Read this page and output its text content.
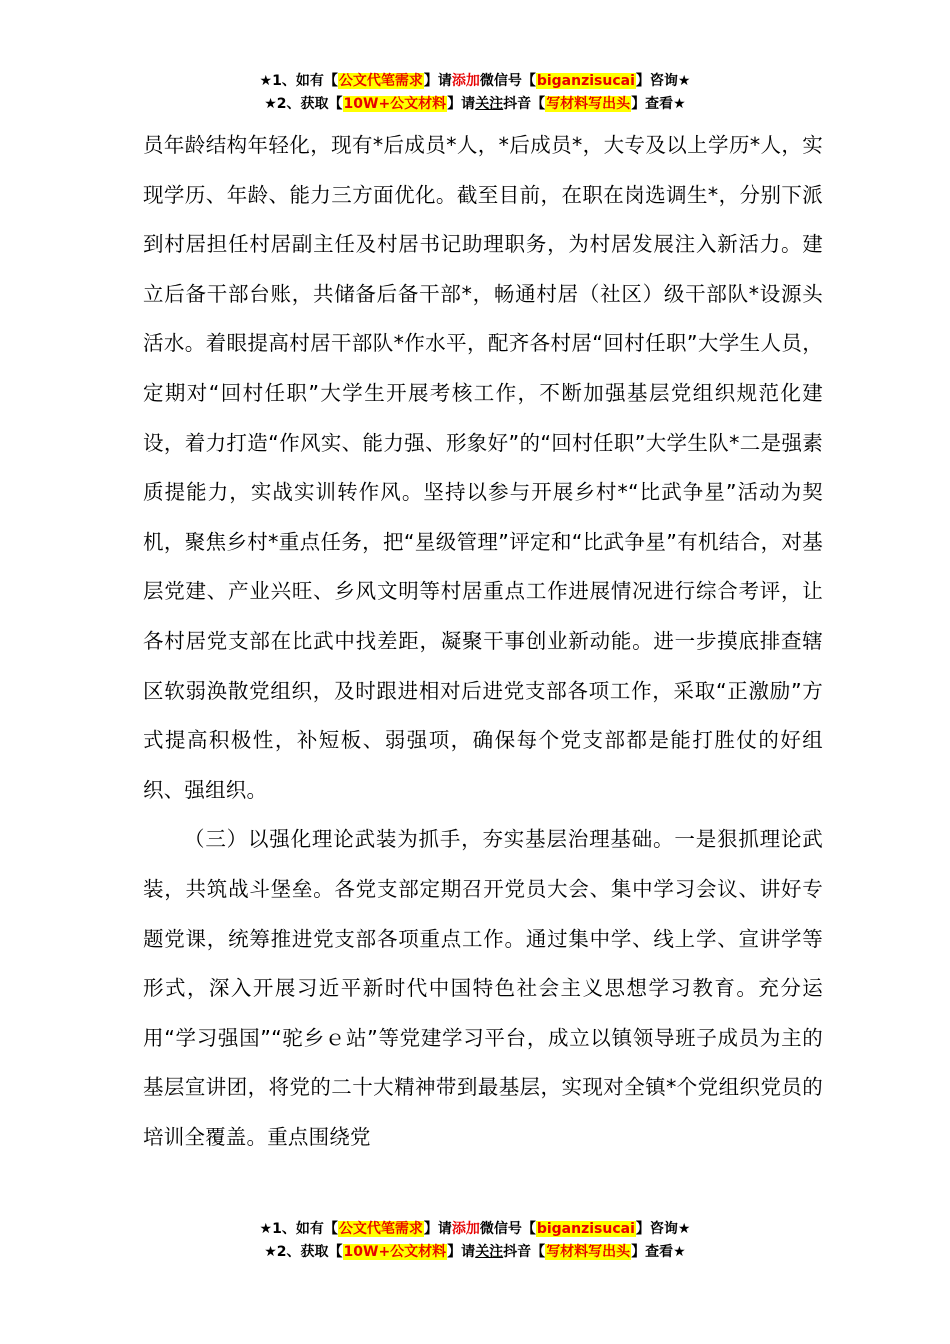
★1、如有【公文代笔需求】请添加微信号【biganzisucai】咨询★
★2、获取【10W+公文材料】请关注抖音【写材料写出头】查看★

员年龄结构年轻化，现有*后成员*人，*后成员*，大专及以上学历*人，实现学历、年龄、能力三方面优化。截至目前，在职在岗选调生*，分别下派到村居担任村居副主任及村居书记助理职务，为村居发展注入新活力。建立后备干部台账，共储备后备干部*，畅通村居（社区）级干部队*设源头活水。着眼提高村居干部队*作水平，配齐各村居“回村任职”大学生人员，定期对“回村任职”大学生开展考核工作，不断加强基层党组织规范化建设，着力打造“作风实、能力强、形象好”的“回村任职”大学生队*二是强素质提能力，实战实训转作风。坚持以参与开展乡村*“比武争星”活动为契机，聚焦乡村*重点任务，把“星级管理”评定和“比武争星”有机结合，对基层党建、产业兴旺、乡风文明等村居重点工作进展情况进行综合考评，让各村居党支部在比武中找差距，凝聚干事创业新动能。进一步摸底排查辖区软弱涣散党组织，及时跟进相对后进党支部各项工作，采取“正激励”方式提高积极性，补短板、弱强项，确保每个党支部都是能打胜仗的好组织、强组织。

（三）以强化理论武装为抓手，夯实基层治理基础。一是狠抓理论武装，共筑战斗堡垒。各党支部定期召开党员大会、集中学习会议、讲好专题党课，统筹推进党支部各项重点工作。通过集中学、线上学、宣讲学等形式，深入开展习近平新时代中国特色社会主义思想学习教育。充分运用“学习强国”“驼乡ｅ站”等党建学习平台，成立以镇领导班子成员为主的基层宣讲团，将党的二十大精神带到最基层，实现对全镇*个党组织党员的培训全覆盖。重点围绕党

★1、如有【公文代笔需求】请添加微信号【biganzisucai】咨询★
★2、获取【10W+公文材料】请关注抖音【写材料写出头】查看★
